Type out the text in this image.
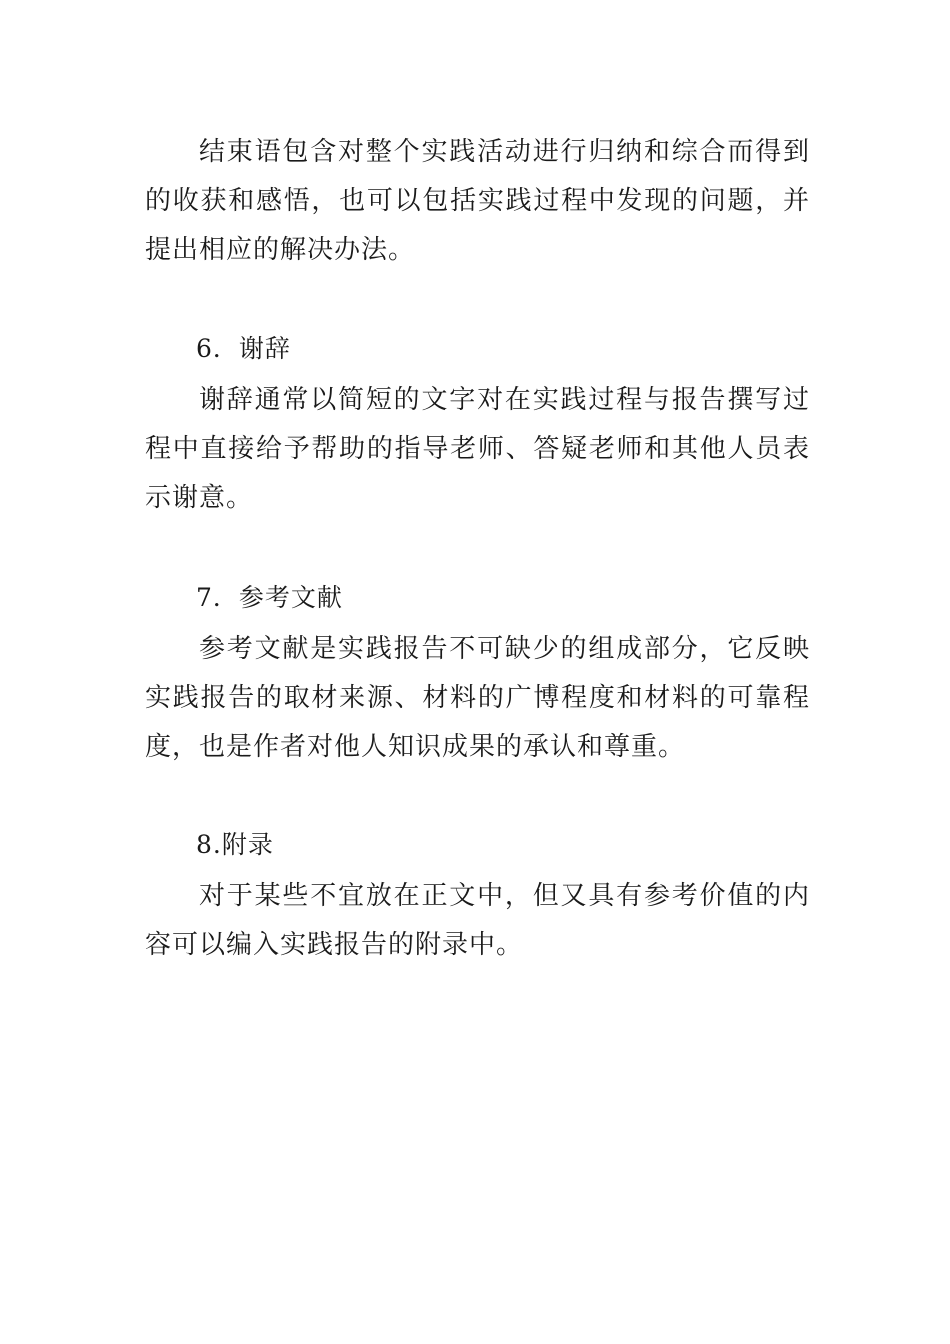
结束语包含对整个实践活动进行归纳和综合而得到的收获和感悟，也可以包括实践过程中发现的问题，并提出相应的解决办法。

6．谢辞

谢辞通常以简短的文字对在实践过程与报告撰写过程中直接给予帮助的指导老师、答疑老师和其他人员表示谢意。

7．参考文献

参考文献是实践报告不可缺少的组成部分，它反映实践报告的取材来源、材料的广博程度和材料的可靠程度，也是作者对他人知识成果的承认和尊重。

8.附录

对于某些不宜放在正文中，但又具有参考价值的内容可以编入实践报告的附录中。
